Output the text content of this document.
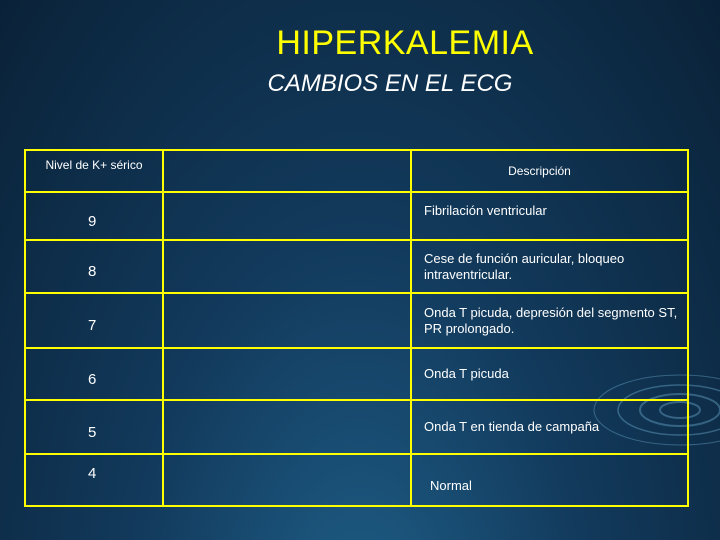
HIPERKALEMIA
CAMBIOS EN EL ECG
Nivel de K+ sérico		Descripción
9		Fibrilación ventricular
8		Cese de función auricular, bloqueo intraventricular.
7		Onda T picuda, depresión del segmento ST, PR prolongado.
6		Onda T picuda
5		Onda T en tienda de campaña
4		Normal
